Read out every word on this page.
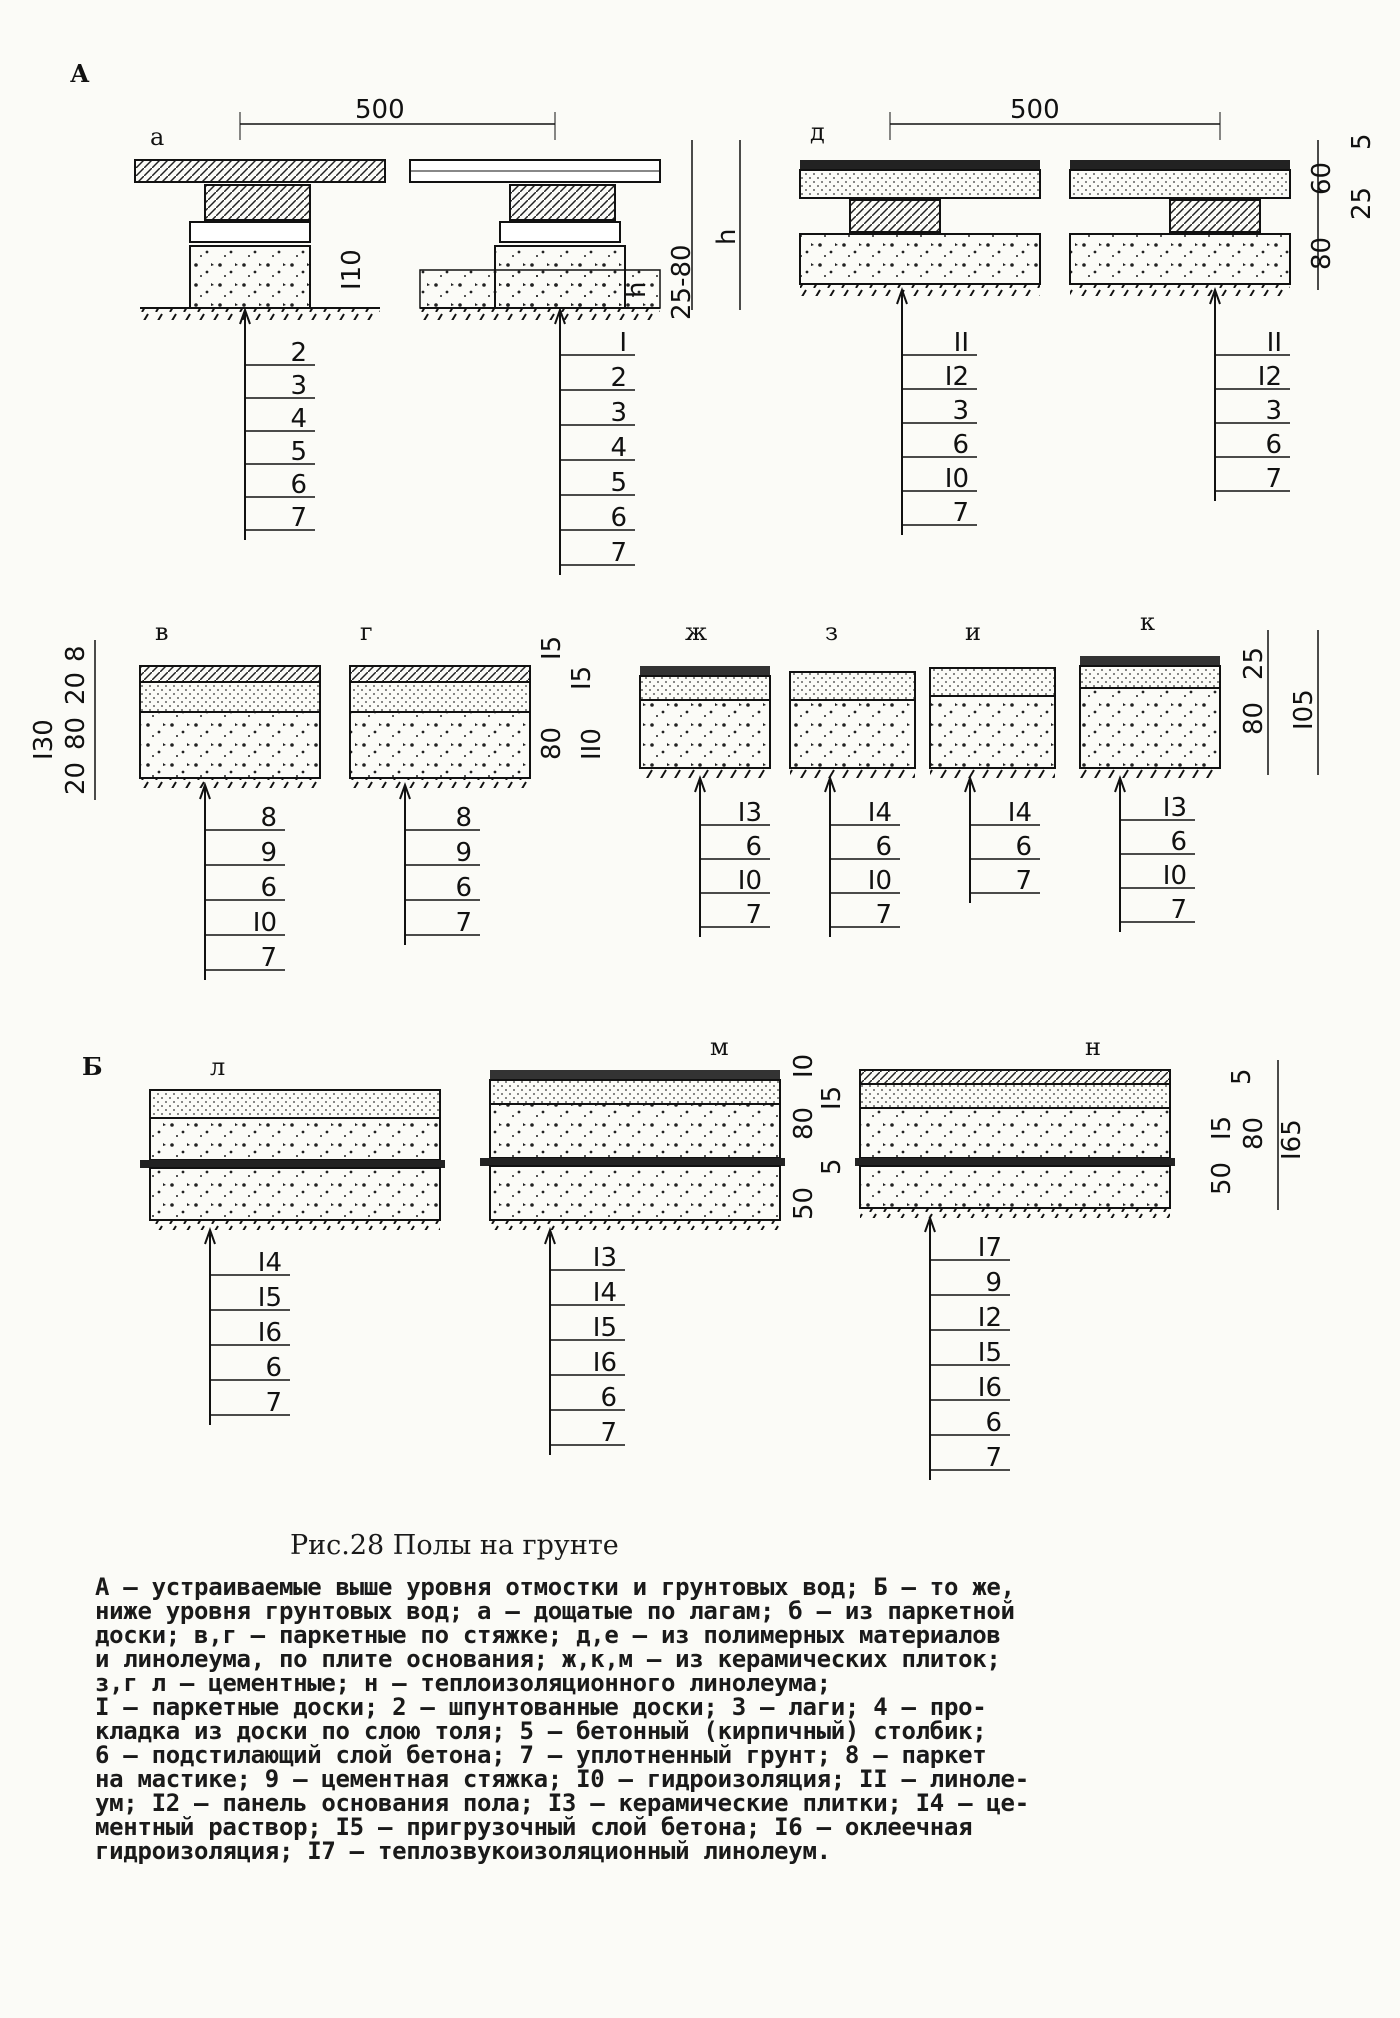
А
Б
а
500
I10
h
25-80
h
д
500
60
5
25
80
в	г
I30
20
80
20
8	I5
I5
80 II0
ж	з	и	к
25
80 I05
л
м
I0
I5
80
5
50
н
5
I5 80
50
I65
2
3
4
5
6
7
I
2
3
4
5
6
7
II
I2
3
6
I0
7
II
I2
3
6
7
8
9
6
I0
7
8
9
6
7
I3
6
I0
7
I4
6
I0
7
I4
6
7
I3
6
I0
7
I4
I5
I6
6
7
I3
I4
I5
I6
6
7
I7
9
I2
I5
I6
6
7
Рис.28 Полы на грунте
А – устраиваемые выше уровня отмостки и грунтовых вод; Б – то же,
ниже уровня грунтовых вод; а – дощатые по лагам; б – из паркетной
доски; в,г – паркетные по стяжке; д,е – из полимерных материалов
и линолеума, по плите основания; ж,к,м – из керамических плиток;
з,г л – цементные; н – теплоизоляционного линолеума;
I – паркетные доски; 2 – шпунтованные доски; 3 – лаги; 4 – про-
кладка из доски по слою толя; 5 – бетонный (кирпичный) столбик;
6 – подстилающий слой бетона; 7 – уплотненный грунт; 8 – паркет
на мастике; 9 – цементная стяжка; I0 – гидроизоляция; II – линоле-
ум; I2 – панель основания пола; I3 – керамические плитки; I4 – це-
ментный раствор; I5 – пригрузочный слой бетона; I6 – оклеечная
гидроизоляция; I7 – теплозвукоизоляционный линолеум.
